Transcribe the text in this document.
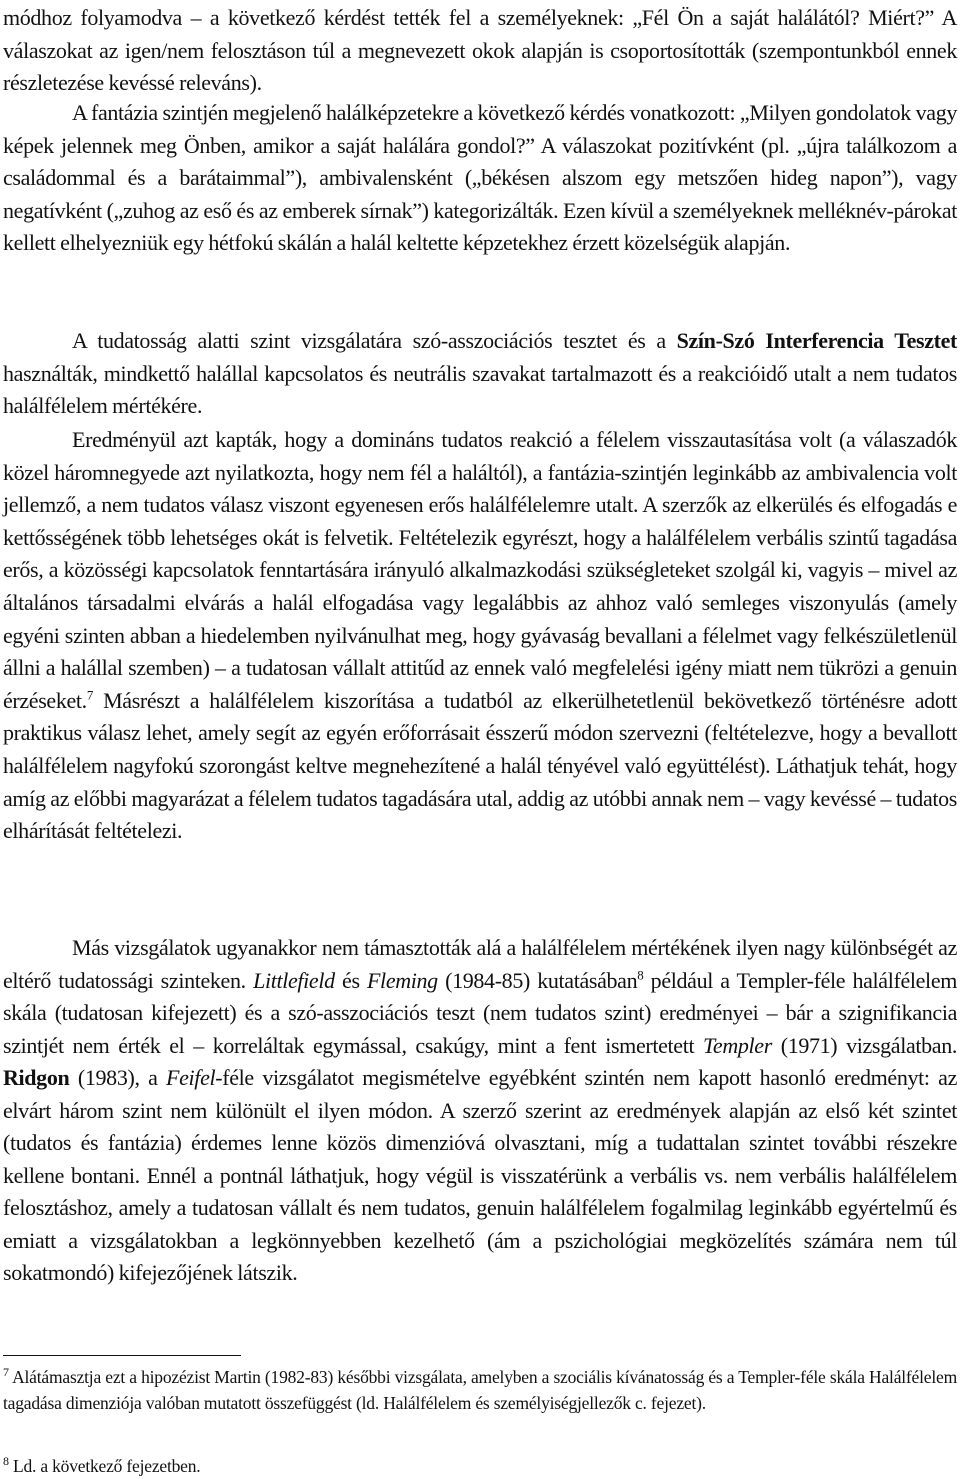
módhoz folyamodva – a következő kérdést tették fel a személyeknek: „Fél Ön a saját halálától? Miért?” A válaszokat az igen/nem felosztáson túl a megnevezett okok alapján is csoportosították (szempontunkból ennek részletezése kevéssé releváns).

A fantázia szintjén megjelenő halálképzetekre a következő kérdés vonatkozott: „Milyen gondolatok vagy képek jelennek meg Önben, amikor a saját halálára gondol?” A válaszokat pozitívként (pl. „újra találkozom a családommal és a barátaimmal”), ambivalensként („békésen alszom egy metszően hideg napon”), vagy negatívként („zuhog az eső és az emberek sírnak”) kategorizálták. Ezen kívül a személyeknek melléknév-párokat kellett elhelyezniük egy hétfokú skálán a halál keltette képzetekhez érzett közelségük alapján.

A tudatosság alatti szint vizsgálatára szó-asszociációs tesztet és a Szín-Szó Interferencia Tesztet használták, mindkettő halállal kapcsolatos és neutrális szavakat tartalmazott és a reakcióidő utalt a nem tudatos halálfélelem mértékére.

Eredményül azt kapták, hogy a domináns tudatos reakció a félelem visszautasítása volt (a válaszadók közel háromnegyede azt nyilatkozta, hogy nem fél a haláltól), a fantázia-szintjén leginkább az ambivalencia volt jellemző, a nem tudatos válasz viszont egyenesen erős halálfélelemre utalt. A szerzők az elkerülés és elfogadás e kettősségének több lehetséges okát is felvetik. Feltételezik egyrészt, hogy a halálfélelem verbális szintű tagadása erős, a közösségi kapcsolatok fenntartására irányuló alkalmazkodási szükségleteket szolgál ki, vagyis – mivel az általános társadalmi elvárás a halál elfogadása vagy legalábbis az ahhoz való semleges viszonyulás (amely egyéni szinten abban a hiedelemben nyilvánulhat meg, hogy gyávaság bevallani a félelmet vagy felkészületlenül állni a halállal szemben) – a tudatosan vállalt attitűd az ennek való megfelelési igény miatt nem tükrözi a genuin érzéseket.$^7$ Másrészt a halálfélelem kiszorítása a tudatból az elkerülhetetlenül bekövetkező történésre adott praktikus válasz lehet, amely segít az egyén erőforrásait ésszerű módon szervezni (feltételezve, hogy a bevallott halálfélelem nagyfokú szorongást keltve megnehezítené a halál tényével való együttélést). Láthatjuk tehát, hogy amíg az előbbi magyarázat a félelem tudatos tagadására utal, addig az utóbbi annak nem – vagy kevéssé – tudatos elhárítását feltételezi.

Más vizsgálatok ugyanakkor nem támasztották alá a halálfélelem mértékének ilyen nagy különbségét az eltérő tudatossági szinteken. Littlefield és Fleming (1984-85) kutatásában$^8$ például a Templer-féle halálfélelem skála (tudatosan kifejezett) és a szó-asszociációs teszt (nem tudatos szint) eredményei – bár a szignifikancia szintjét nem érték el – korreláltak egymással, csakúgy, mint a fent ismertetett Templer (1971) vizsgálatban. Ridgon (1983), a Feifel-féle vizsgálatot megismételve egyébként szintén nem kapott hasonló eredményt: az elvárt három szint nem különült el ilyen módon. A szerző szerint az eredmények alapján az első két szintet (tudatos és fantázia) érdemes lenne közös dimenzióvá olvasztani, míg a tudattalan szintet további részekre kellene bontani. Ennél a pontnál láthatjuk, hogy végül is visszatérünk a verbális vs. nem verbális halálfélelem felosztáshoz, amely a tudatosan vállalt és nem tudatos, genuin halálfélelem fogalmilag leginkább egyértelmű és emiatt a vizsgálatokban a legkönnyebben kezelhető (ám a pszichológiai megközelítés számára nem túl sokatmondó) kifejezőjének látszik.

$^7$ Alátámasztja ezt a hipozézist Martin (1982-83) későbbi vizsgálata, amelyben a szociális kívánatosság és a Templer-féle skála Halálfélelem tagadása dimenziója valóban mutatott összefüggést (ld. Halálfélelem és személyiségjellezők c. fejezet).

$^8$ Ld. a következő fejezetben.
